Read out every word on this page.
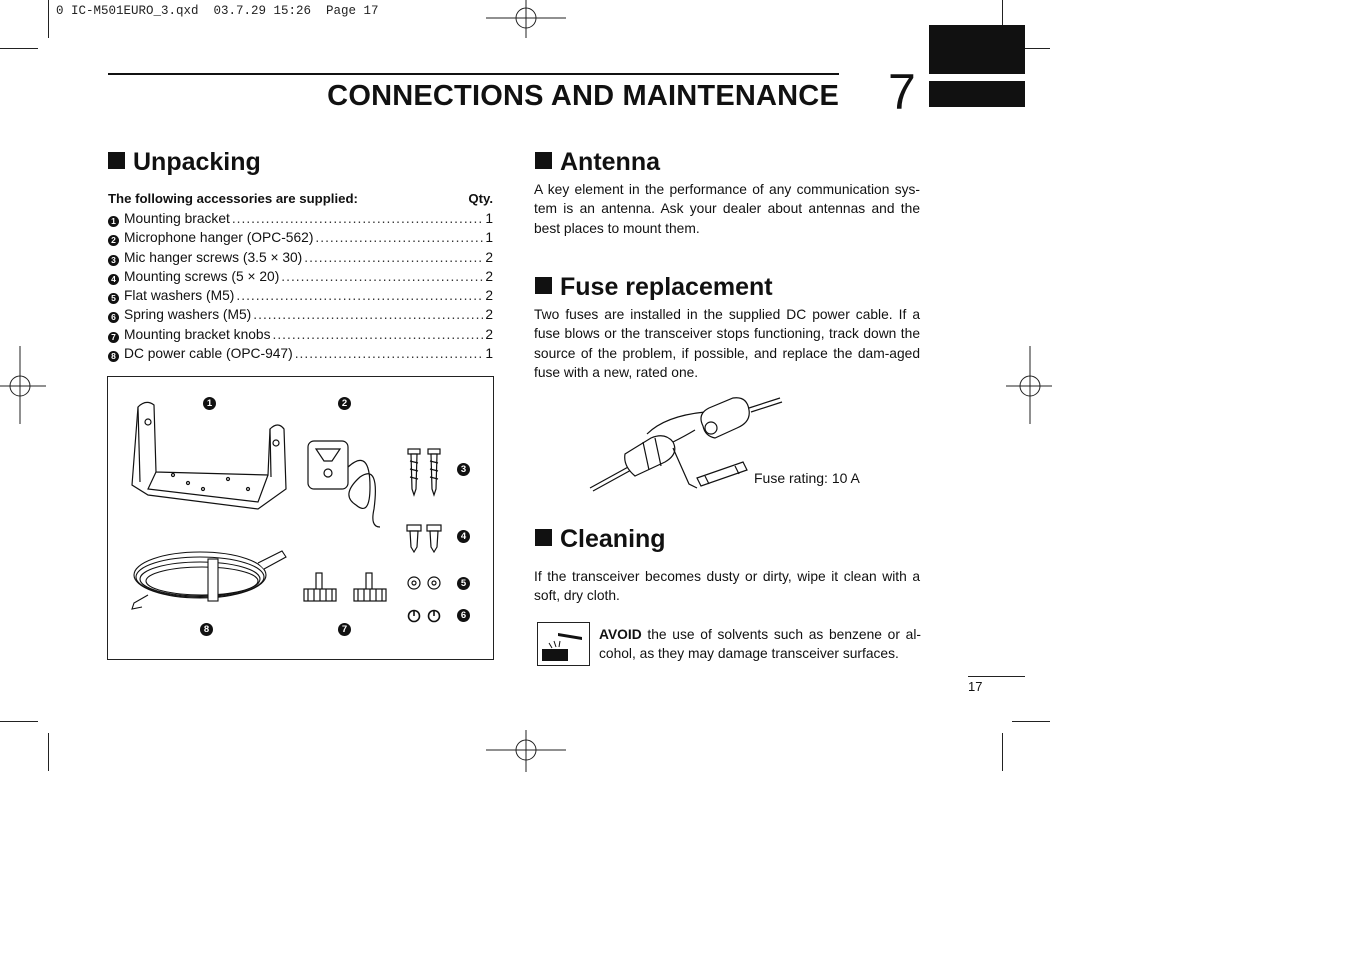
0 IC-M501EURO_3.qxd  03.7.29 15:26  Page 17
CONNECTIONS AND MAINTENANCE 7
Unpacking
The following accessories are supplied:	Qty.
1 Mounting bracket .....	1
2 Microphone hanger (OPC-562) .....	1
3 Mic hanger screws (3.5 × 30) .....	2
4 Mounting screws (5 × 20) .....	2
5 Flat washers (M5) .....	2
6 Spring washers (M5) .....	2
7 Mounting bracket knobs .....	2
8 DC power cable (OPC-947) .....	1
1	2
3
4
5
6
7
8
Antenna

A key element in the performance of any communication sys-tem is an antenna. Ask your dealer about antennas and the best places to mount them.

Fuse replacement

Two fuses are installed in the supplied DC power cable. If a fuse blows or the transceiver stops functioning, track down the source of the problem, if possible, and replace the dam-aged fuse with a new, rated one.

Fuse rating: 10 A
Cleaning

If the transceiver becomes dusty or dirty, wipe it clean with a soft, dry cloth.

AVOID the use of solvents such as benzene or al-cohol, as they may damage transceiver surfaces.

17
